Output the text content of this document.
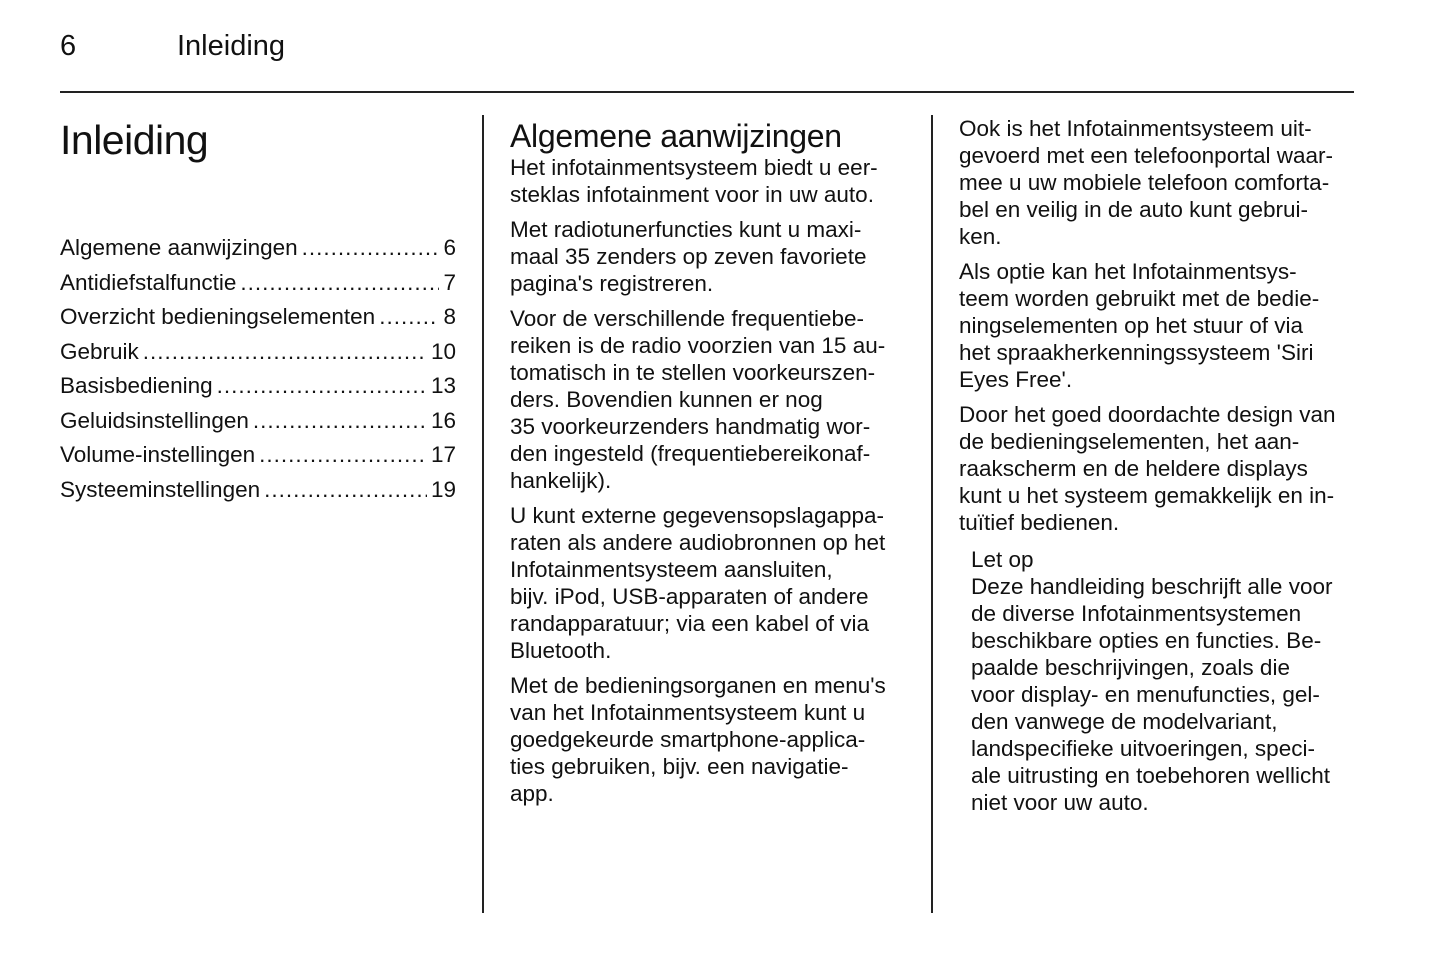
6	Inleiding
Inleiding
Algemene aanwijzingen .....	6
Antidiefstalfunctie .....	7
Overzicht bedieningselementen .....	8
Gebruik .....	10
Basisbediening .....	13
Geluidsinstellingen .....	16
Volume-instellingen .....	17
Systeeminstellingen .....	19
Algemene aanwijzingen

Het infotainmentsysteem biedt u eer-
steklas infotainment voor in uw auto.

Met radiotunerfuncties kunt u maxi-
maal 35 zenders op zeven favoriete
pagina's registreren.

Voor de verschillende frequentiebe-
reiken is de radio voorzien van 15 au-
tomatisch in te stellen voorkeurszen-
ders. Bovendien kunnen er nog
35 voorkeurzenders handmatig wor-
den ingesteld (frequentiebereikonaf-
hankelijk).

U kunt externe gegevensopslagappa-
raten als andere audiobronnen op het
Infotainmentsysteem aansluiten,
bijv. iPod, USB-apparaten of andere
randapparatuur; via een kabel of via
Bluetooth.

Met de bedieningsorganen en menu's
van het Infotainmentsysteem kunt u
goedgekeurde smartphone-applica-
ties gebruiken, bijv. een navigatie-
app.

Ook is het Infotainmentsysteem uit-
gevoerd met een telefoonportal waar-
mee u uw mobiele telefoon comforta-
bel en veilig in de auto kunt gebrui-
ken.

Als optie kan het Infotainmentsys-
teem worden gebruikt met de bedie-
ningselementen op het stuur of via
het spraakherkenningssysteem 'Siri
Eyes Free'.

Door het goed doordachte design van
de bedieningselementen, het aan-
raakscherm en de heldere displays
kunt u het systeem gemakkelijk en in-
tuïtief bedienen.

Let op

Deze handleiding beschrijft alle voor
de diverse Infotainmentsystemen
beschikbare opties en functies. Be-
paalde beschrijvingen, zoals die
voor display- en menufuncties, gel-
den vanwege de modelvariant,
landspecifieke uitvoeringen, speci-
ale uitrusting en toebehoren wellicht
niet voor uw auto.
